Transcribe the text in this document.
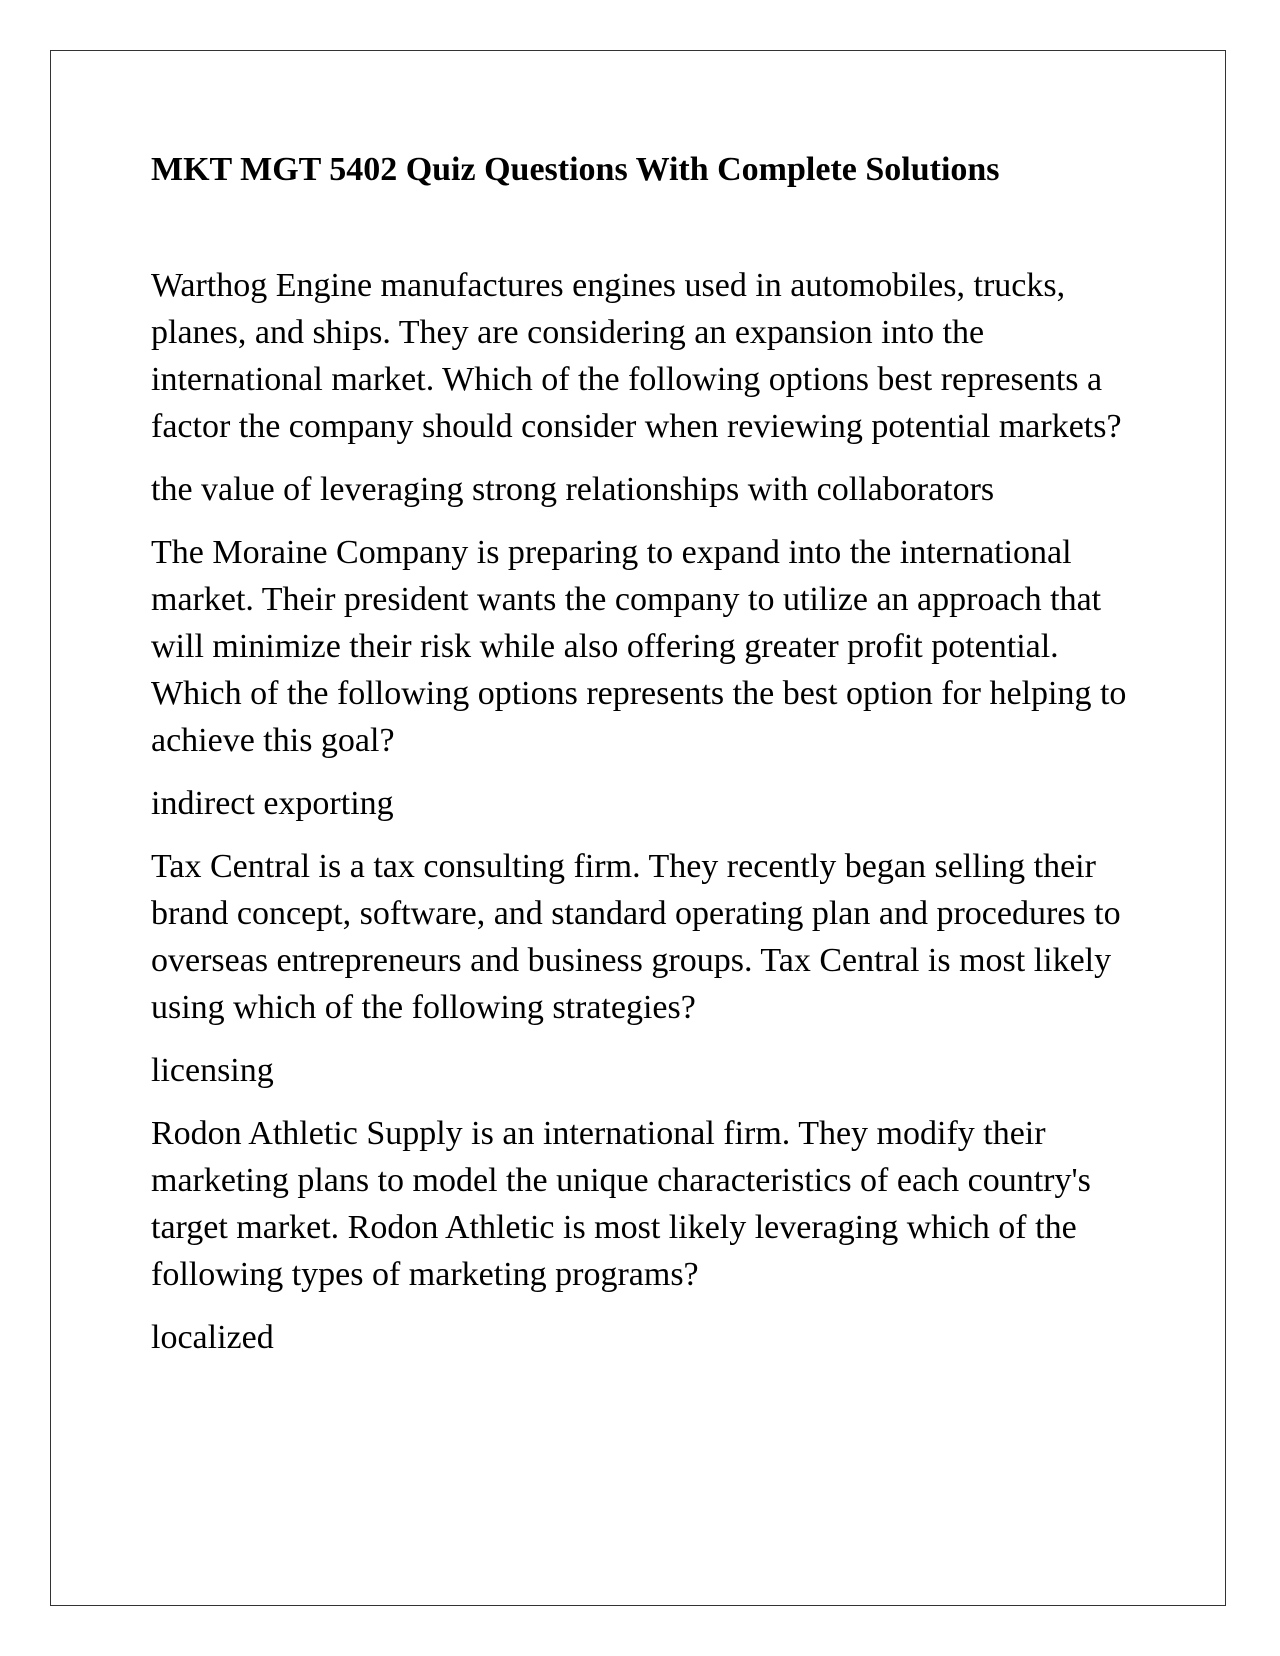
MKT MGT 5402 Quiz Questions With Complete Solutions

Warthog Engine manufactures engines used in automobiles, trucks, planes, and ships. They are considering an expansion into the international market. Which of the following options best represents a factor the company should consider when reviewing potential markets?

the value of leveraging strong relationships with collaborators

The Moraine Company is preparing to expand into the international market. Their president wants the company to utilize an approach that will minimize their risk while also offering greater profit potential. Which of the following options represents the best option for helping to achieve this goal?

indirect exporting

Tax Central is a tax consulting firm. They recently began selling their brand concept, software, and standard operating plan and procedures to overseas entrepreneurs and business groups. Tax Central is most likely using which of the following strategies?

licensing

Rodon Athletic Supply is an international firm. They modify their marketing plans to model the unique characteristics of each country's target market. Rodon Athletic is most likely leveraging which of the following types of marketing programs?

localized
